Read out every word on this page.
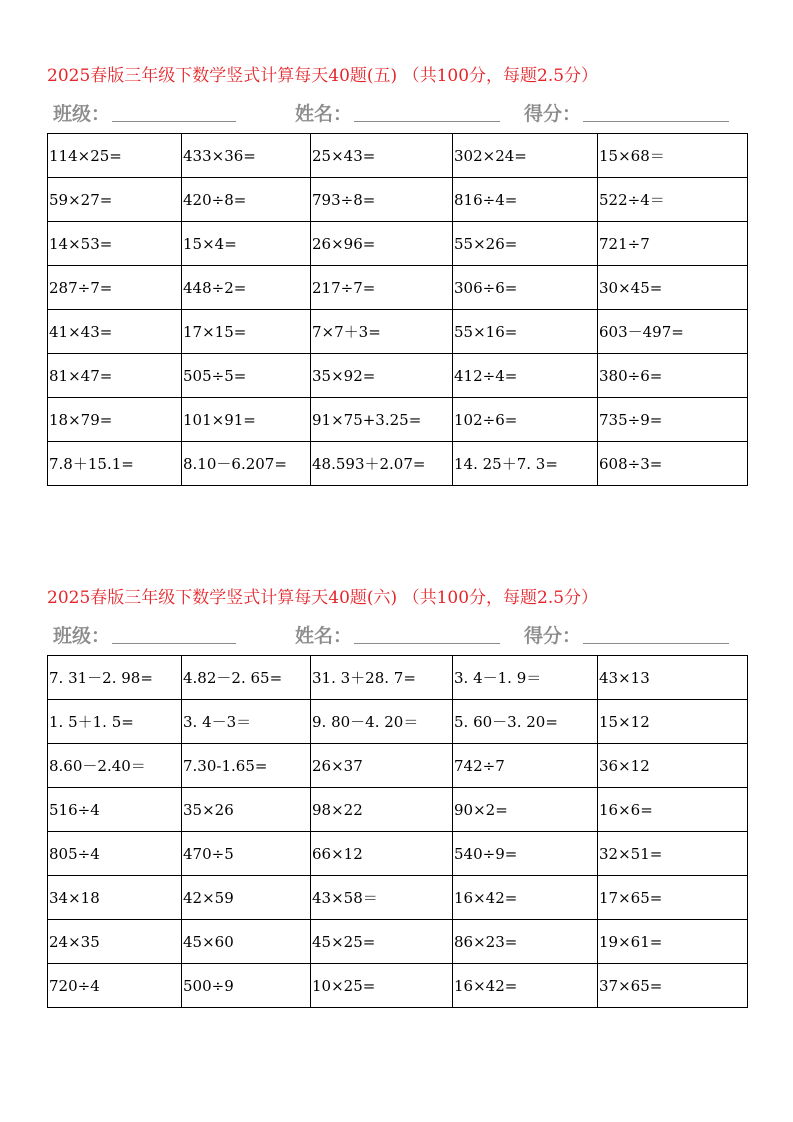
2025春版三年级下数学竖式计算每天40题(五) （共100分，每题2.5分）
班级：	姓名：	得分：
114×25=	433×36=	25×43=	302×24=	15×68＝
59×27=	420÷8=	793÷8=	816÷4=	522÷4＝
14×53=	15×4=	26×96=	55×26=	721÷7
287÷7=	448÷2=	217÷7=	306÷6=	30×45=
41×43=	17×15=	7×7＋3=	55×16=	603－497=
81×47=	505÷5=	35×92=	412÷4=	380÷6=
18×79=	101×91=	91×75+3.25=	102÷6=	735÷9=
7.8＋15.1=	8.10－6.207=	48.593＋2.07=	14. 25＋7. 3=	608÷3=
2025春版三年级下数学竖式计算每天40题(六) （共100分，每题2.5分）
班级：	姓名：	得分：
7. 31－2. 98=	4.82－2. 65=	31. 3＋28. 7=	3. 4－1. 9＝	43×13
1. 5＋1. 5=	3. 4－3＝	9. 80－4. 20＝	5. 60－3. 20=	15×12
8.60－2.40＝	7.30-1.65=	26×37	742÷7	36×12
516÷4	35×26	98×22	90×2=	16×6=
805÷4	470÷5	66×12	540÷9=	32×51=
34×18	42×59	43×58＝	16×42=	17×65=
24×35	45×60	45×25=	86×23=	19×61=
720÷4	500÷9	10×25=	16×42=	37×65=
